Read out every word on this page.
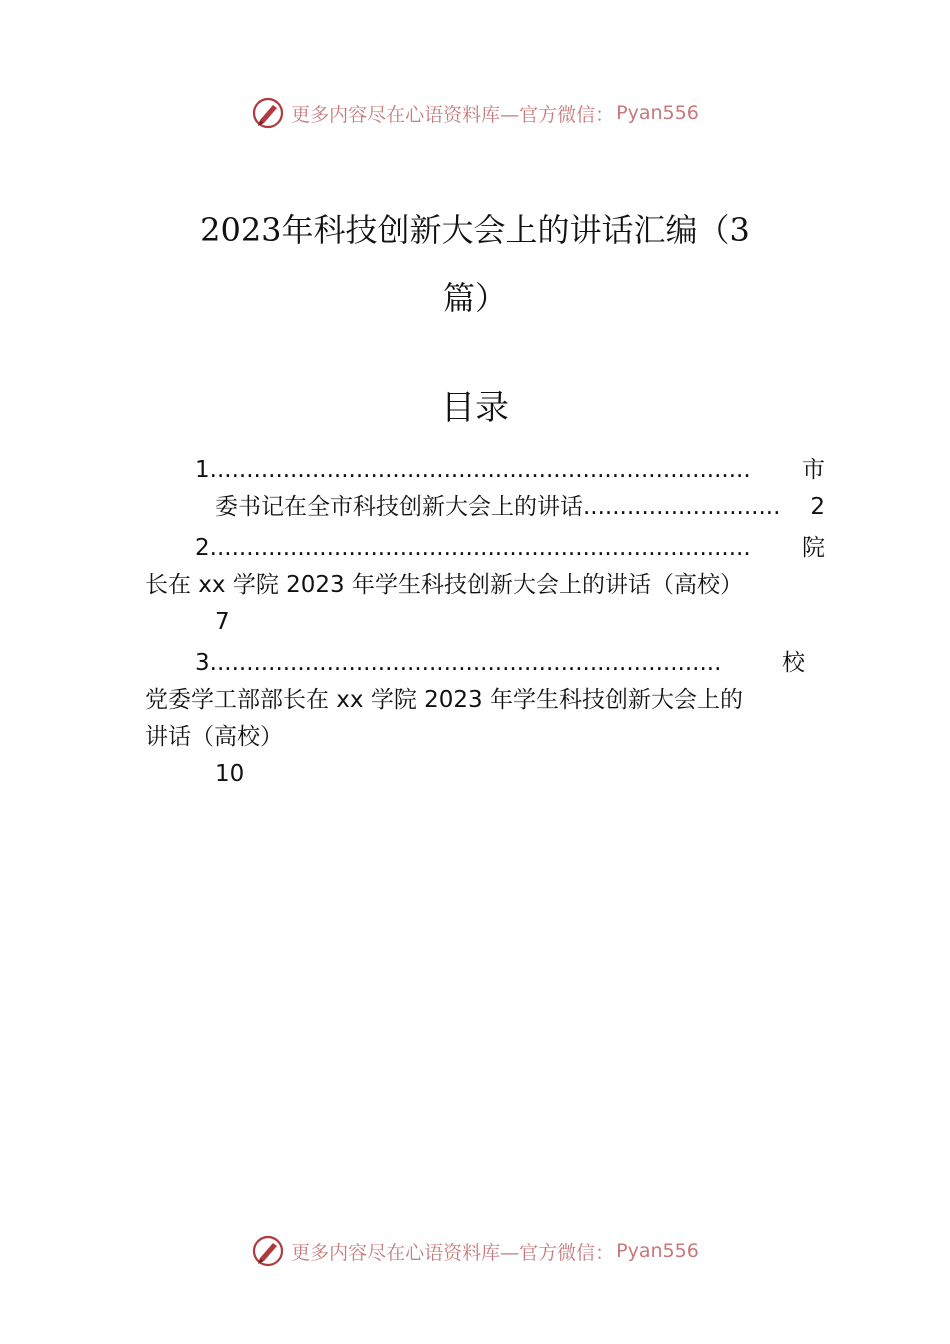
更多内容尽在心语资料库—官方微信： Pyan556
2023年科技创新大会上的讲话汇编（3
篇）
目录
1 ..........................................................................	市
委书记在全市科技创新大会上的讲话 ...........................	2
2 ..........................................................................	院
长在 xx 学院 2023 年学生科技创新大会上的讲话（高校）
7
3 ......................................................................	校
党委学工部部长在 xx 学院 2023 年学生科技创新大会上的
讲话（高校）
10
更多内容尽在心语资料库—官方微信： Pyan556
